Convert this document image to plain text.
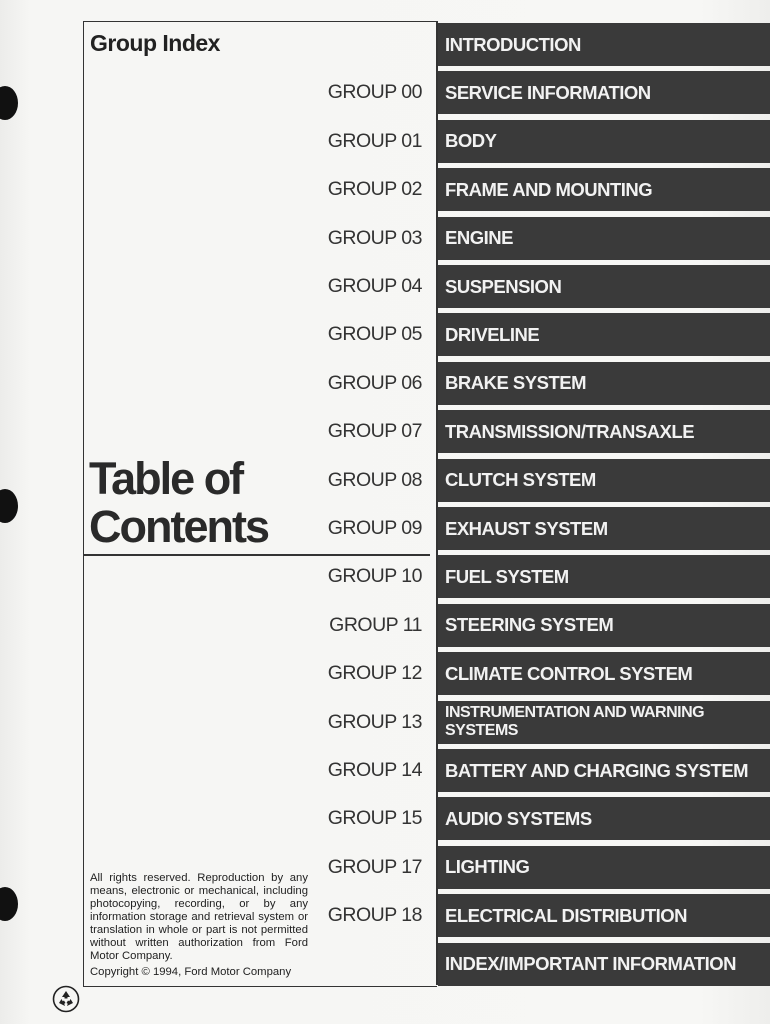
Group Index
Table of
Contents
INTRODUCTION
GROUP 00 SERVICE INFORMATION
GROUP 01 BODY
GROUP 02 FRAME AND MOUNTING
GROUP 03 ENGINE
GROUP 04 SUSPENSION
GROUP 05 DRIVELINE
GROUP 06 BRAKE SYSTEM
GROUP 07 TRANSMISSION/TRANSAXLE
GROUP 08 CLUTCH SYSTEM
GROUP 09 EXHAUST SYSTEM
GROUP 10 FUEL SYSTEM
GROUP 11 STEERING SYSTEM
GROUP 12 CLIMATE CONTROL SYSTEM
GROUP 13 INSTRUMENTATION AND WARNING SYSTEMS
GROUP 14 BATTERY AND CHARGING SYSTEM
GROUP 15 AUDIO SYSTEMS
GROUP 17 LIGHTING
GROUP 18 ELECTRICAL DISTRIBUTION
INDEX/IMPORTANT INFORMATION
All rights reserved. Reproduction by any means, electronic or mechanical, including photocopying, recording, or by any information storage and retrieval system or translation in whole or part is not permitted without written authorization from Ford Motor Company.
Copyright © 1994, Ford Motor Company
